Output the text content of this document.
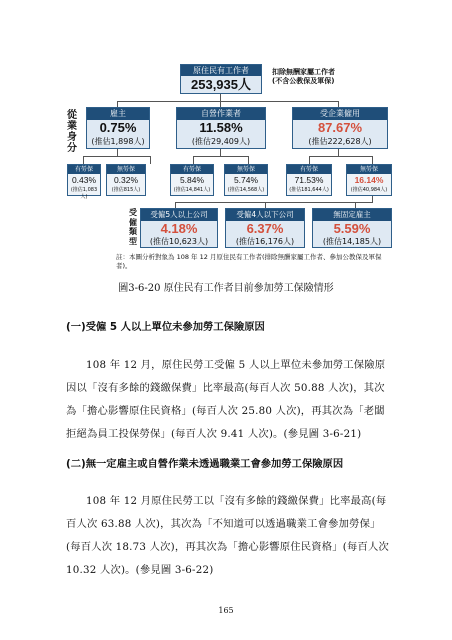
原住民有工作者
253,935人
扣除無酬家屬工作者
(不含公教保及軍保)
從業身分
雇主
0.75%
(推估1,898人)
自營作業者
11.58%
(推估29,409人)
受企業僱用
87.67%
(推估222,628人)
有勞保
0.43%
(推估1,083人)
無勞保
0.32%
(推估815人)
有勞保
5.84%
(推估14,841人)
無勞保
5.74%
(推估14,568人)
有勞保
71.53%
(推估181,644人)
無勞保
16.14%
(推估40,984人)
受僱類型
受僱5人以上公司
4.18%
(推估10,623人)
受僱4人以下公司
6.37%
(推估16,176人)
無固定雇主
5.59%
(推估14,185人)
註：本圖分析對象為 108 年 12 月原住民有工作者(排除無酬家屬工作者、參加公教保及軍保者)。
圖3-6-20 原住民有工作者目前參加勞工保險情形
(一)受僱 5 人以上單位未參加勞工保險原因
108 年 12 月，原住民勞工受僱 5 人以上單位未參加勞工保險原因以「沒有多餘的錢繳保費」比率最高(每百人次 50.88 人次)，其次為「擔心影響原住民資格」(每百人次 25.80 人次)，再其次為「老闆拒絕為員工投保勞保」(每百人次 9.41 人次)。(參見圖 3-6-21)
(二)無一定雇主或自營作業未透過職業工會參加勞工保險原因
108 年 12 月原住民勞工以「沒有多餘的錢繳保費」比率最高(每百人次 63.88 人次)，其次為「不知道可以透過職業工會參加勞保」(每百人次 18.73 人次)，再其次為「擔心影響原住民資格」(每百人次 10.32 人次)。(參見圖 3-6-22)
165
